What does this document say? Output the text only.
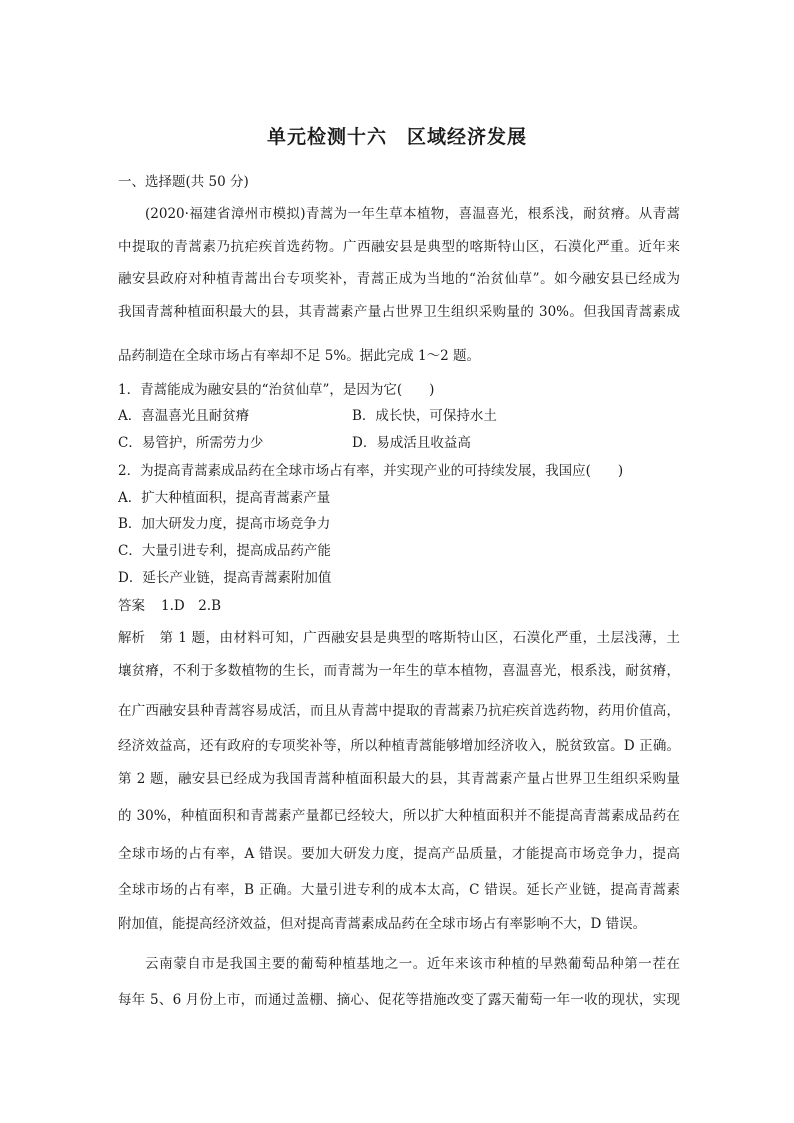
单元检测十六　区域经济发展
一、选择题(共 50 分)
(2020·福建省漳州市模拟)青蒿为一年生草本植物，喜温喜光，根系浅，耐贫瘠。从青蒿
中提取的青蒿素乃抗疟疾首选药物。广西融安县是典型的喀斯特山区，石漠化严重。近年来
融安县政府对种植青蒿出台专项奖补，青蒿正成为当地的“治贫仙草”。如今融安县已经成为
我国青蒿种植面积最大的县，其青蒿素产量占世界卫生组织采购量的 30%。但我国青蒿素成
品药制造在全球市场占有率却不足 5%。据此完成 1～2 题。
1．青蒿能成为融安县的“治贫仙草”，是因为它(　　)
A．喜温喜光且耐贫瘠	B．成长快，可保持水土
C．易管护，所需劳力少	D．易成活且收益高
2．为提高青蒿素成品药在全球市场占有率，并实现产业的可持续发展，我国应(　　)
A．扩大种植面积，提高青蒿素产量
B．加大研发力度，提高市场竞争力
C．大量引进专利，提高成品药产能
D．延长产业链，提高青蒿素附加值
答案 1.D　2.B
解析 第 1 题，由材料可知，广西融安县是典型的喀斯特山区，石漠化严重，土层浅薄，土
壤贫瘠，不利于多数植物的生长，而青蒿为一年生的草本植物，喜温喜光，根系浅，耐贫瘠，
在广西融安县种青蒿容易成活，而且从青蒿中提取的青蒿素乃抗疟疾首选药物，药用价值高，
经济效益高，还有政府的专项奖补等，所以种植青蒿能够增加经济收入，脱贫致富。D 正确。
第 2 题，融安县已经成为我国青蒿种植面积最大的县，其青蒿素产量占世界卫生组织采购量
的 30%，种植面积和青蒿素产量都已经较大，所以扩大种植面积并不能提高青蒿素成品药在
全球市场的占有率，A 错误。要加大研发力度，提高产品质量，才能提高市场竞争力，提高
全球市场的占有率，B 正确。大量引进专利的成本太高，C 错误。延长产业链，提高青蒿素
附加值，能提高经济效益，但对提高青蒿素成品药在全球市场占有率影响不大，D 错误。
云南蒙自市是我国主要的葡萄种植基地之一。近年来该市种植的早熟葡萄品种第一茬在
每年 5、6 月份上市，而通过盖棚、摘心、促花等措施改变了露天葡萄一年一收的现状，实现
